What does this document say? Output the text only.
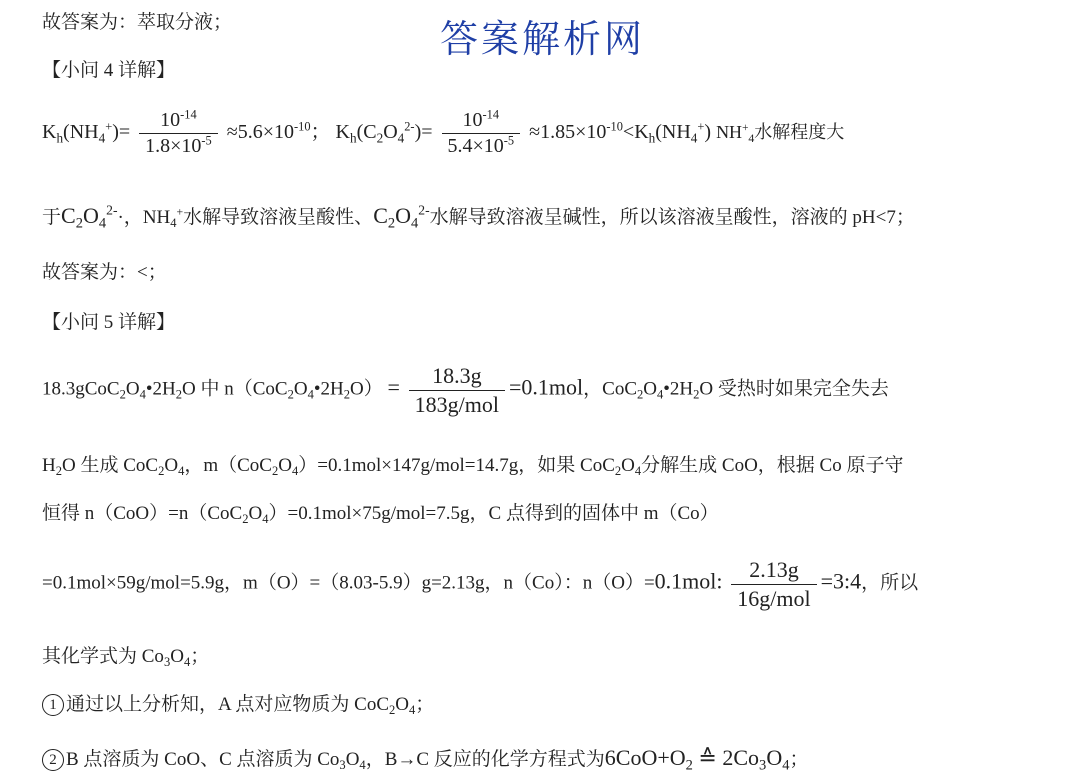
答案解析网
故答案为：萃取分液；
【小问 4 详解】
$K_h(NH_4^+)= \frac{10^{-14}}{1.8\times 10^{-5}} \approx 5.6\times 10^{-10}$； $K_h(C_2O_4^{2-})= \frac{10^{-14}}{5.4\times 10^{-5}} \approx 1.85\times 10^{-10}<K_h(NH_4^+)$ $NH^+_4$水解程度大
于$C_2O_4^{2-}\cdot$，$NH_4^+$水解导致溶液呈酸性、$C_2O_4^{2-}$水解导致溶液呈碱性，所以该溶液呈酸性，溶液的 pH<7；
故答案为：<；
【小问 5 详解】
$18.3gCoC_2O_4•2H_2O$ 中 $n(CoC_2O_4•2H_2O) = \frac{18.3g}{\text{183g/mol}} =0.1mol$，$CoC_2O_4•2H_2O$ 受热时如果完全失去
$H_2O$ 生成 $CoC_2O_4$，$m(CoC_2O_4)=0.1mol\times 147g/mol=14.7g$，如果 $CoC_2O_4$分解生成 CoO，根据 Co 原子守
恒得 $n(CoO)=n(CoC_2O_4)=0.1mol\times 75g/mol=7.5g$，C 点得到的固体中 m（Co）
=0.1mol×59g/mol=5.9g，m（O）=（8.03-5.9）g=2.13g，n（Co）：n（O）=0.1mol: $\frac{2.13g}{\text{16g/mol}}$ =3:4，所以
其化学式为 $Co_3O_4$；
1 通过以上分析知，A 点对应物质为 $CoC_2O_4$；
2 B 点溶质为 CoO、C 点溶质为 $Co_3O_4$，B→C 反应的化学方程式为$6CoO+O_2$ ≙ $2Co_3O_4$；
